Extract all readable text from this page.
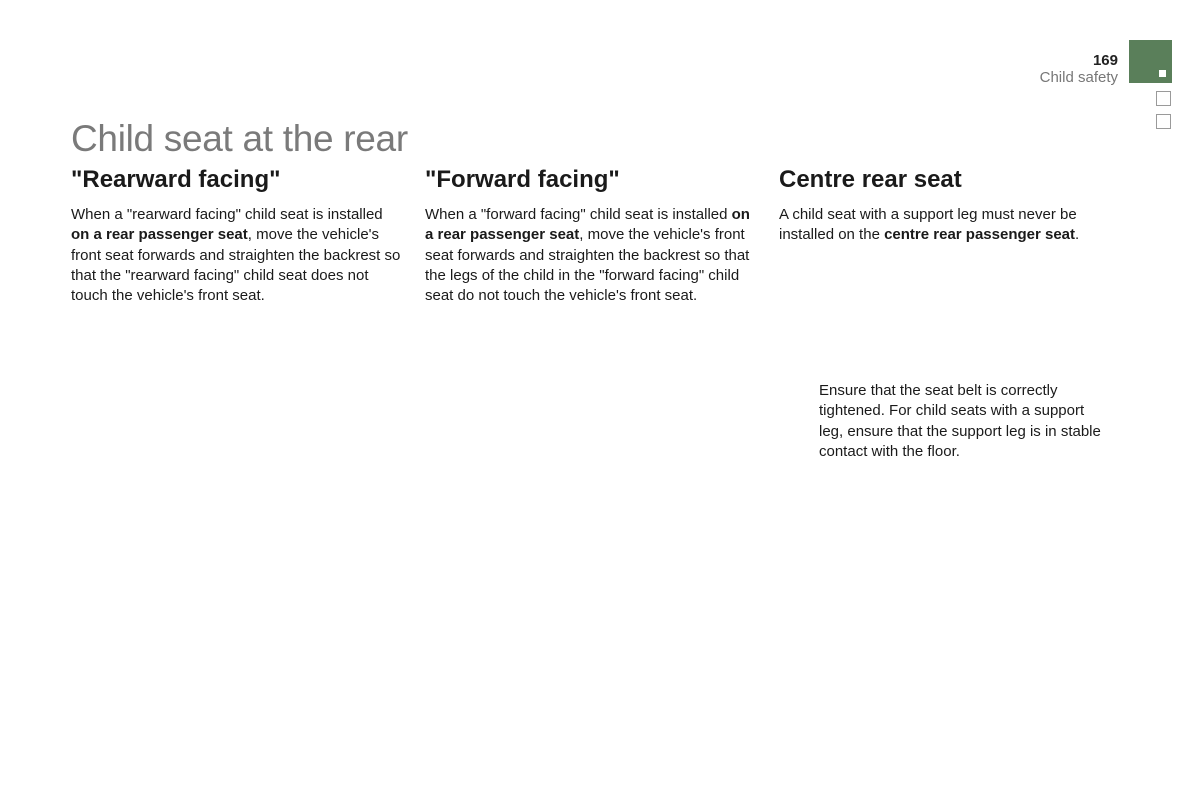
169
Child safety
Child seat at the rear
"Rearward facing"

When a "rearward facing" child seat is installed on a rear passenger seat, move the vehicle's front seat forwards and straighten the backrest so that the "rearward facing" child seat does not touch the vehicle's front seat.

"Forward facing"

When a "forward facing" child seat is installed on a rear passenger seat, move the vehicle's front seat forwards and straighten the backrest so that the legs of the child in the "forward facing" child seat do not touch the vehicle's front seat.

Centre rear seat

A child seat with a support leg must never be installed on the centre rear passenger seat.

Ensure that the seat belt is correctly tightened. For child seats with a support leg, ensure that the support leg is in stable contact with the floor.
